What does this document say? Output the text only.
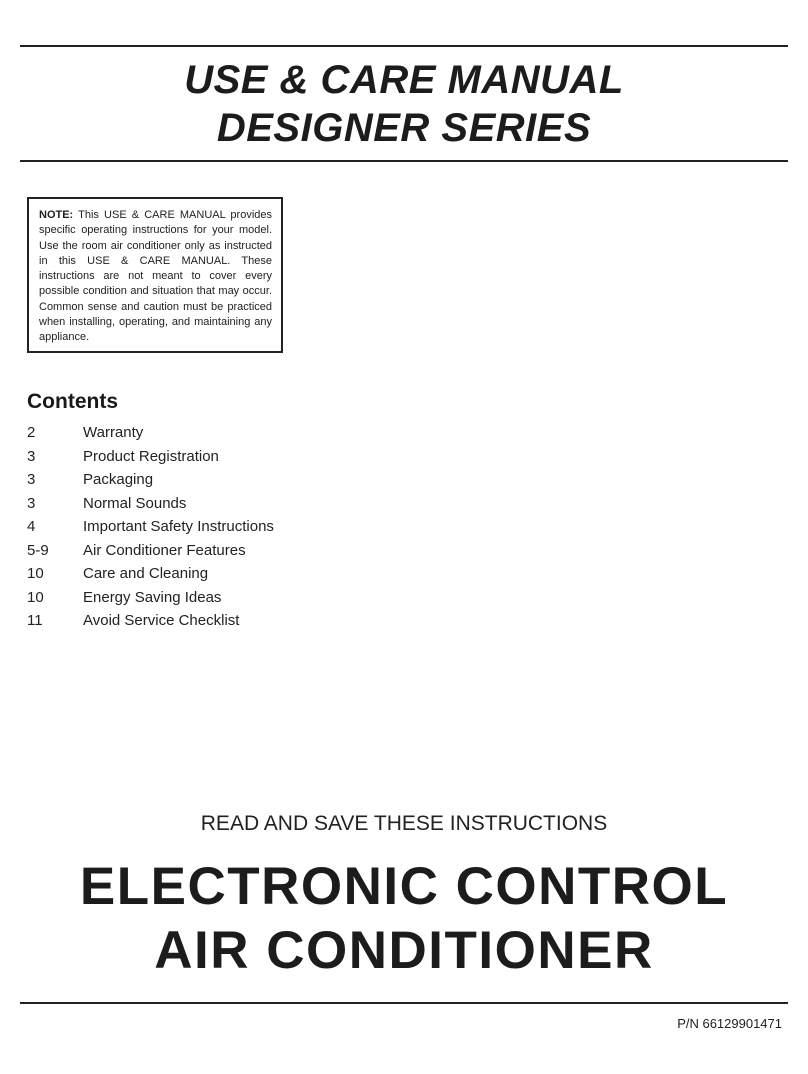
USE & CARE MANUAL
DESIGNER SERIES
NOTE: This USE & CARE MANUAL provides specific operating instructions for your model. Use the room air conditioner only as instructed in this USE & CARE MANUAL. These instructions are not meant to cover every possible condition and situation that may occur. Common sense and caution must be practiced when installing, operating, and maintaining any appliance.
Contents
2	Warranty
3	Product Registration
3	Packaging
3	Normal Sounds
4	Important Safety Instructions
5-9	Air Conditioner Features
10	Care and Cleaning
10	Energy Saving Ideas
11	Avoid Service Checklist
READ AND SAVE THESE INSTRUCTIONS
ELECTRONIC CONTROL
AIR CONDITIONER
P/N 66129901471
